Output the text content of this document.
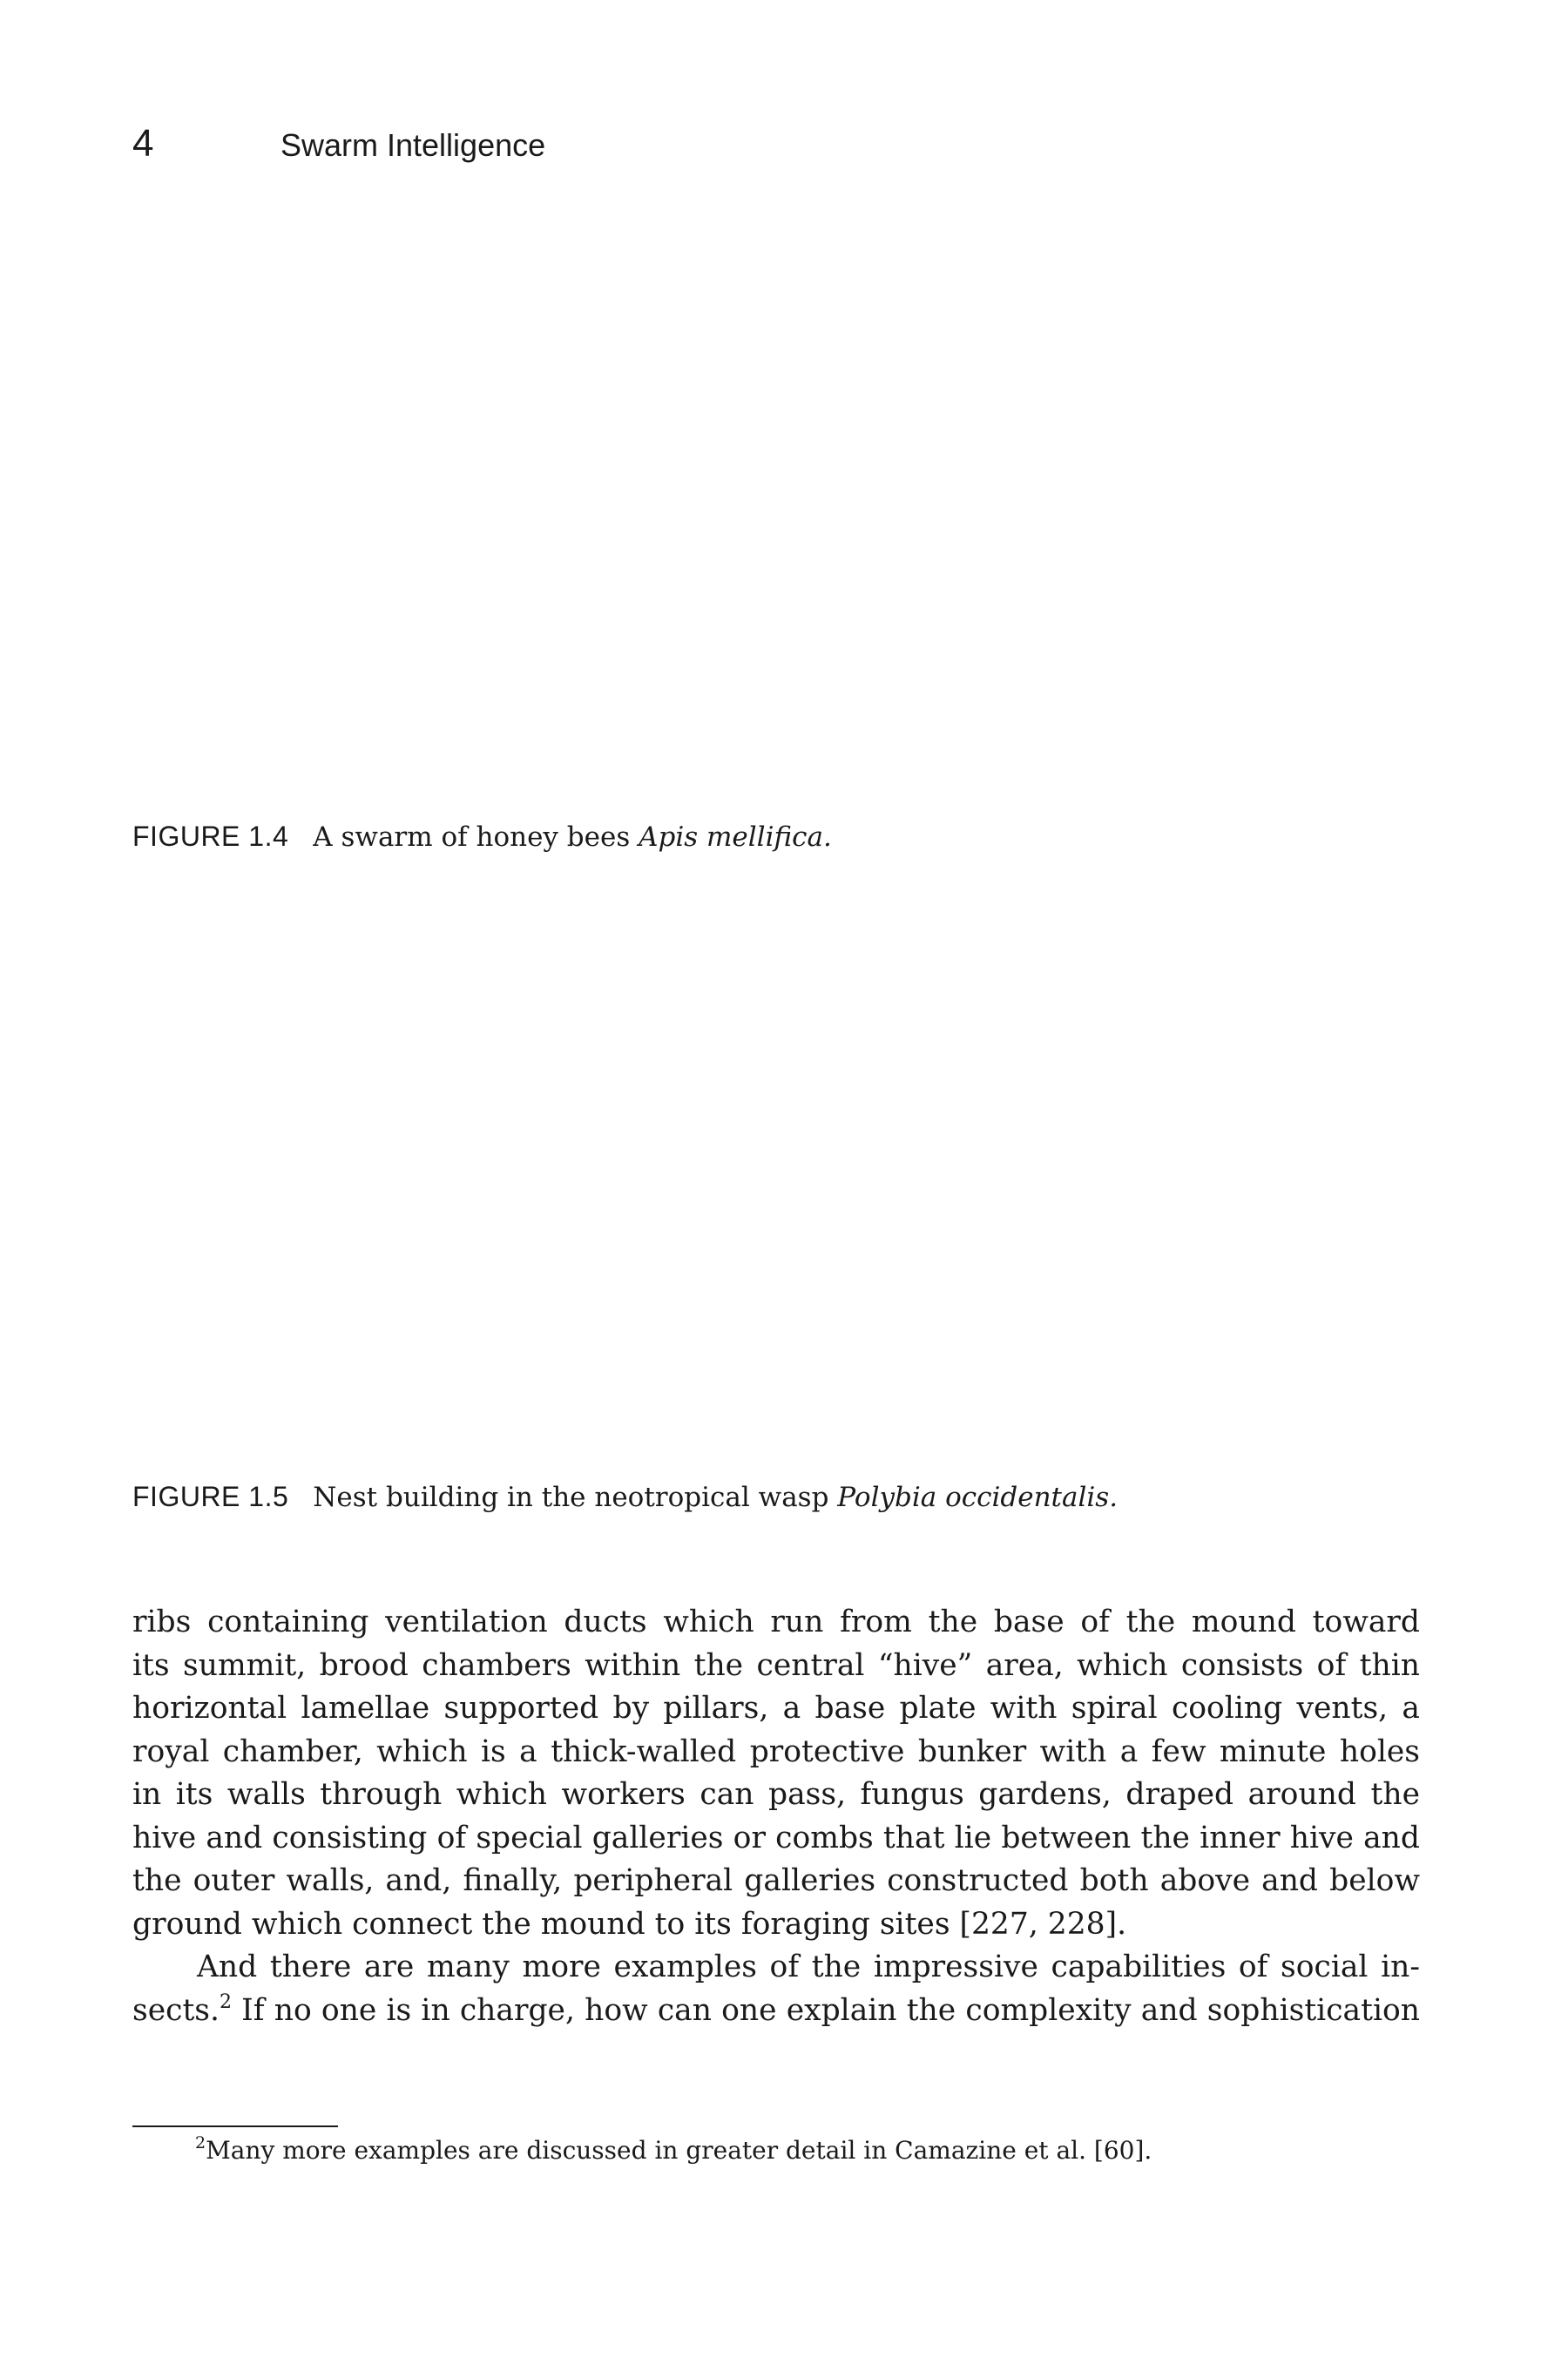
4	Swarm Intelligence
FIGURE 1.4 A swarm of honey bees Apis mellifica.
FIGURE 1.5 Nest building in the neotropical wasp Polybia occidentalis.
ribs containing ventilation ducts which run from the base of the mound toward
its summit, brood chambers within the central “hive” area, which consists of thin
horizontal lamellae supported by pillars, a base plate with spiral cooling vents, a
royal chamber, which is a thick-walled protective bunker with a few minute holes
in its walls through which workers can pass, fungus gardens, draped around the
hive and consisting of special galleries or combs that lie between the inner hive and
the outer walls, and, finally, peripheral galleries constructed both above and below
ground which connect the mound to its foraging sites [227, 228].
And there are many more examples of the impressive capabilities of social in-
sects.$^2$ If no one is in charge, how can one explain the complexity and sophistication
$^2$Many more examples are discussed in greater detail in Camazine et al. [60].
